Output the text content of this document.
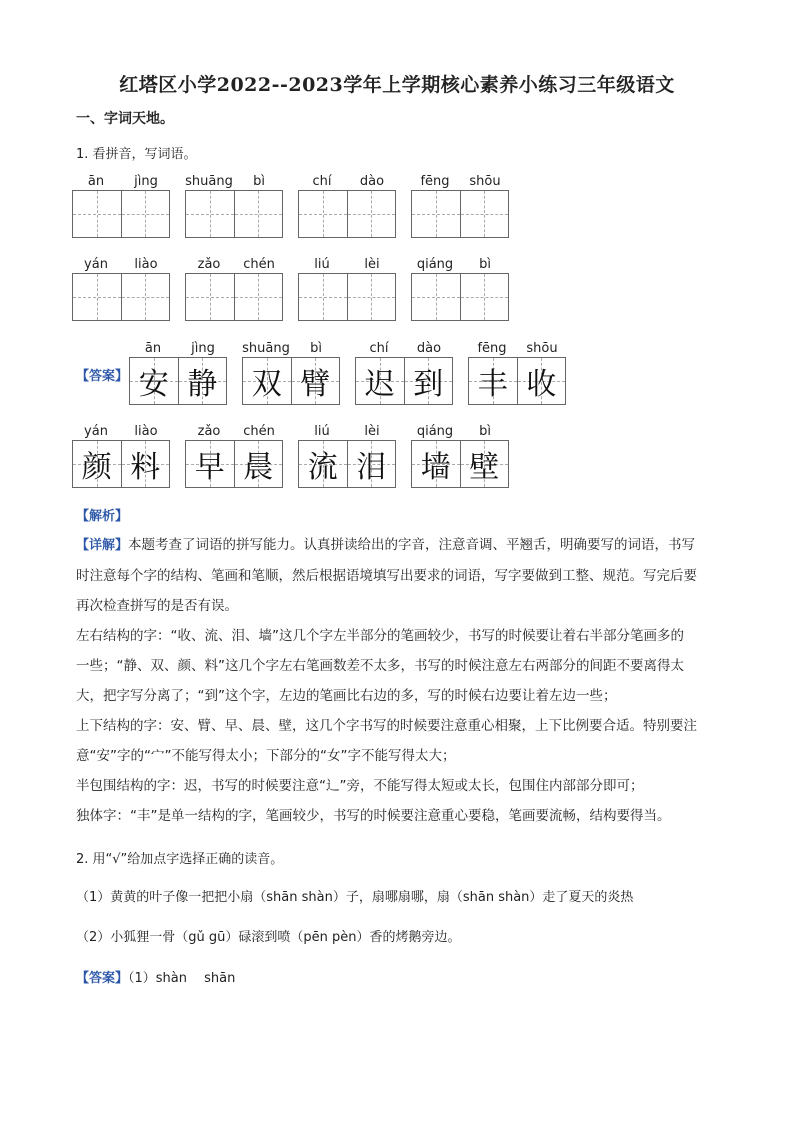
红塔区小学2022--2023学年上学期核心素养小练习三年级语文
一、字词天地。
1. 看拼音，写词语。
ān	jìng	shuāng	bì	chí	dào	fēng	shōu
yán	liào	zǎo	chén	liú	lèi	qiáng	bì
ān	jìng
安 静
shuāng	bì
双 臂
chí	dào
迟 到
fēng	shōu
丰 收
yán	liào
颜 料
zǎo	chén
早 晨
liú	lèi
流 泪
qiáng	bì
墙 壁
【答案】
【解析】
【详解】本题考查了词语的拼写能力。认真拼读给出的字音，注意音调、平翘舌，明确要写的词语，书写
时注意每个字的结构、笔画和笔顺，然后根据语境填写出要求的词语，写字要做到工整、规范。写完后要
再次检查拼写的是否有误。
左右结构的字：“收、流、泪、墙”这几个字左半部分的笔画较少，书写的时候要让着右半部分笔画多的
一些；“静、双、颜、料”这几个字左右笔画数差不太多，书写的时候注意左右两部分的间距不要离得太
大，把字写分离了；“到”这个字，左边的笔画比右边的多，写的时候右边要让着左边一些；
上下结构的字：安、臂、早、晨、壁，这几个字书写的时候要注意重心相聚，上下比例要合适。特别要注
意“安”字的“宀”不能写得太小；下部分的“女”字不能写得太大；
半包围结构的字：迟，书写的时候要注意“辶”旁，不能写得太短或太长，包围住内部部分即可；
独体字：“丰”是单一结构的字，笔画较少，书写的时候要注意重心要稳，笔画要流畅，结构要得当。
2. 用“√”给加点字选择正确的读音。
（1）黄黄的叶子像一把把小扇（shān shàn）子，扇哪扇哪，扇（shān shàn）走了夏天的炎热
（2）小狐狸一骨（gǔ gū）碌滚到喷（pēn pèn）香的烤鹅旁边。
【答案】（1）shàn　 shān
